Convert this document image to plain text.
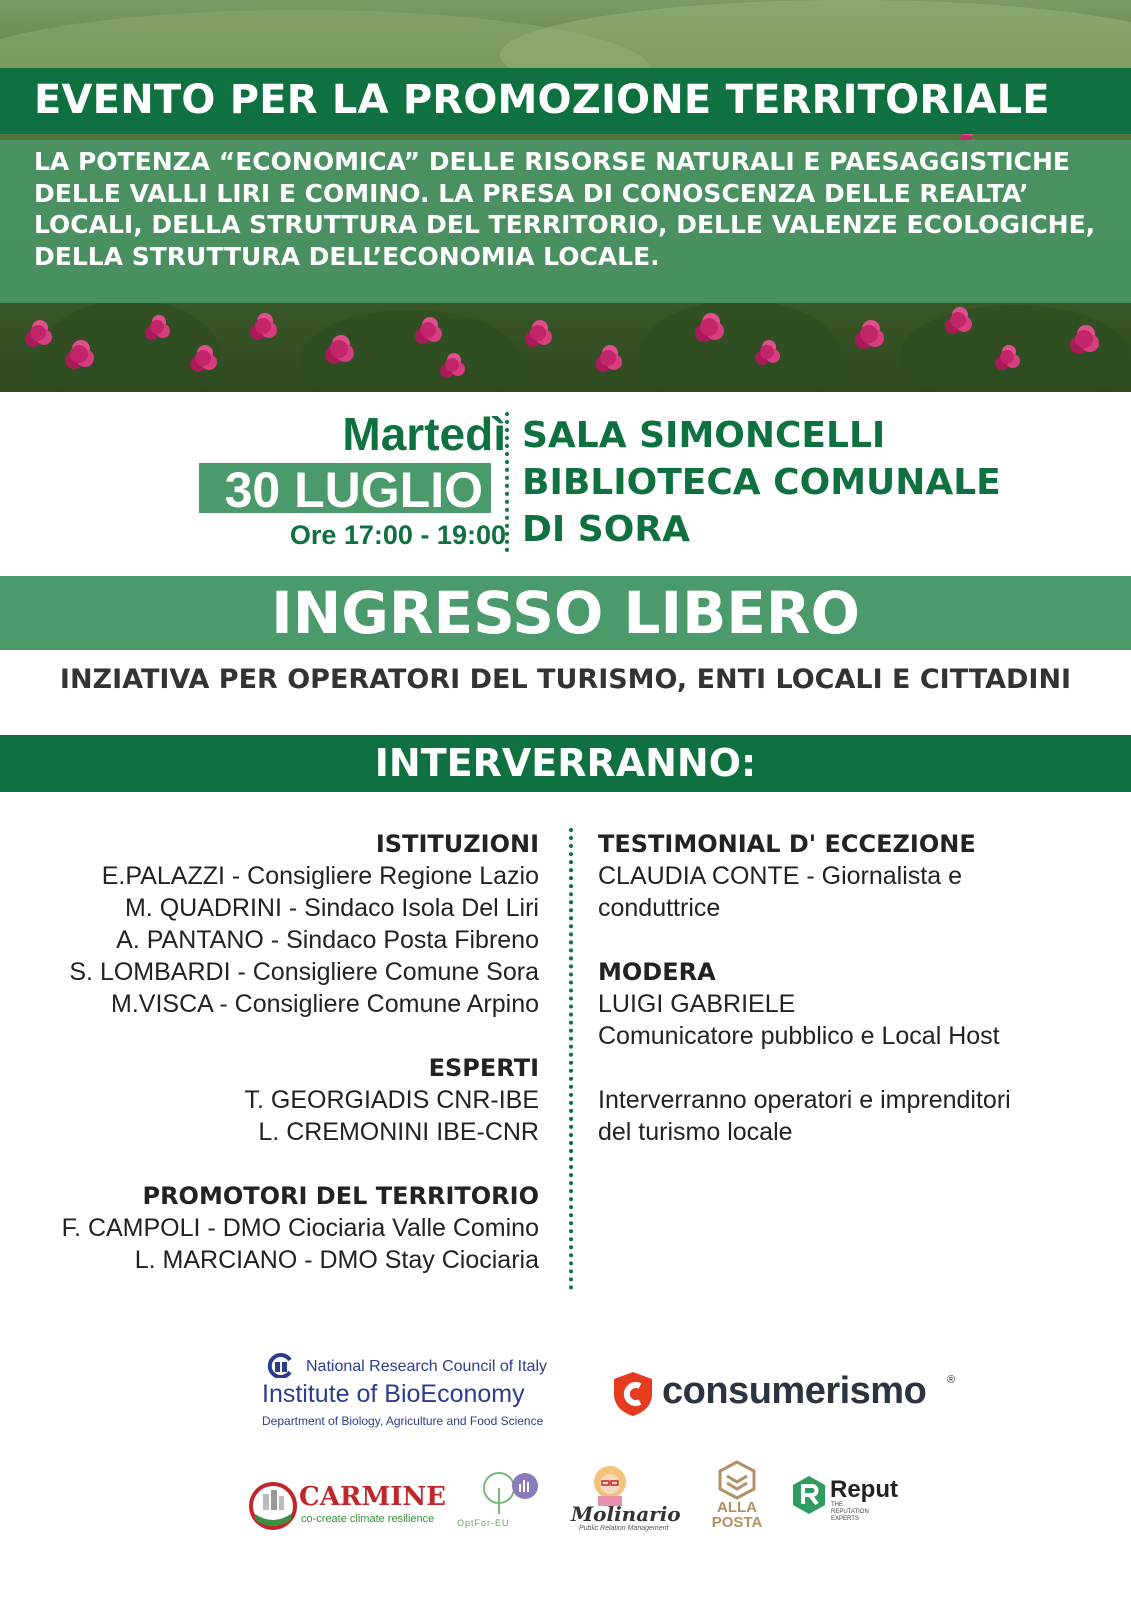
EVENTO PER LA PROMOZIONE TERRITORIALE

LA POTENZA “ECONOMICA” DELLE RISORSE NATURALI E PAESAGGISTICHE DELLE VALLI LIRI E COMINO. LA PRESA DI CONOSCENZA DELLE REALTA’ LOCALI, DELLA STRUTTURA DEL TERRITORIO, DELLE VALENZE ECOLOGICHE, DELLA STRUTTURA DELL’ECONOMIA LOCALE.

Martedì
30 LUGLIO
Ore 17:00 - 19:00
SALA SIMONCELLI
BIBLIOTECA COMUNALE
DI SORA
INGRESSO LIBERO
INZIATIVA PER OPERATORI DEL TURISMO, ENTI LOCALI E CITTADINI
INTERVERRANNO:
ISTITUZIONI
E.PALAZZI - Consigliere Regione Lazio
M. QUADRINI - Sindaco Isola Del Liri
A. PANTANO - Sindaco Posta Fibreno
S. LOMBARDI - Consigliere Comune Sora
M.VISCA - Consigliere Comune Arpino
ESPERTI
T. GEORGIADIS CNR-IBE
L. CREMONINI IBE-CNR
PROMOTORI DEL TERRITORIO
F. CAMPOLI - DMO Ciociaria Valle Comino
L. MARCIANO - DMO Stay Ciociaria
TESTIMONIAL D' ECCEZIONE
CLAUDIA CONTE - Giornalista e
conduttrice
MODERA
LUIGI GABRIELE
Comunicatore pubblico e Local Host
Interverranno operatori e imprenditori
del turismo locale
National Research Council of Italy
Institute of BioEconomy
Department of Biology, Agriculture and Food Science
consumerismo ®
CARMINE
co-create climate resilience	OptFor-EU	Molinario
Public Relation Management
ALLA
POSTA
Reput
THE
REPUTATION
EXPERTS
